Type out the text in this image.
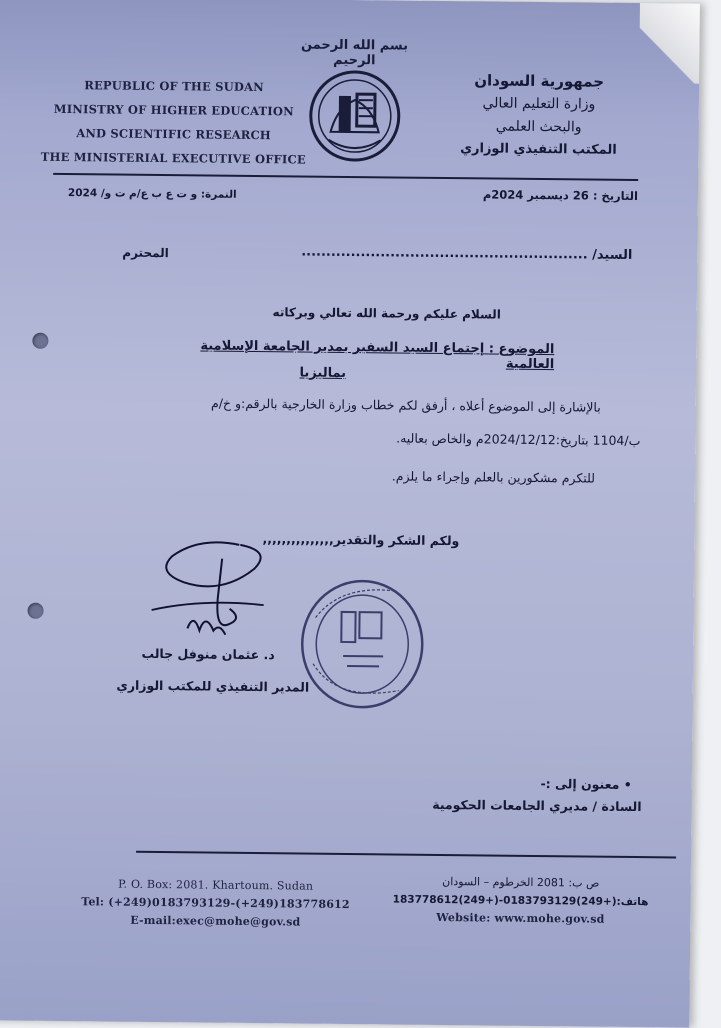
بسم الله الرحمن الرحيم
REPUBLIC OF THE SUDAN
MINISTRY OF HIGHER EDUCATION
AND SCIENTIFIC RESEARCH
THE MINISTERIAL EXECUTIVE OFFICE
جمهورية السودان
وزارة التعليم العالي
والبحث العلمي
المكتب التنفيذي الوزاري
التاريخ : 26 ديسمبر 2024م
النمرة: و ت ع ب ع/م ت و/ 2024
السيد/ ..........................................................
المحترم
السلام عليكم ورحمة الله تعالي وبركاته
الموضوع : إجتماع السيد السفير بمدير الجامعة الإسلامية العالمية
بماليزيا
بالإشارة إلى الموضوع أعلاه ، أرفق لكم خطاب وزارة الخارجية بالرقم:و خ/م
ب/1104 بتاريخ:2024/12/12م والخاص بعاليه.
للتكرم مشكورين بالعلم وإجراء ما يلزم.
ولكم الشكر والتقدير,,,,,,,,,,,,,,,
د. عثمان منوفل جالب
المدير التنفيذي للمكتب الوزاري
• معنون إلى :-
السادة / مديري الجامعات الحكومية
P. O. Box: 2081. Khartoum. Sudan
Tel: (+249)0183793129-(+249)183778612
E-mail:exec@mohe@gov.sd
ص ب: 2081 الخرطوم – السودان
هاتف:(+249)0183793129-(+249)183778612
Website: www.mohe.gov.sd
